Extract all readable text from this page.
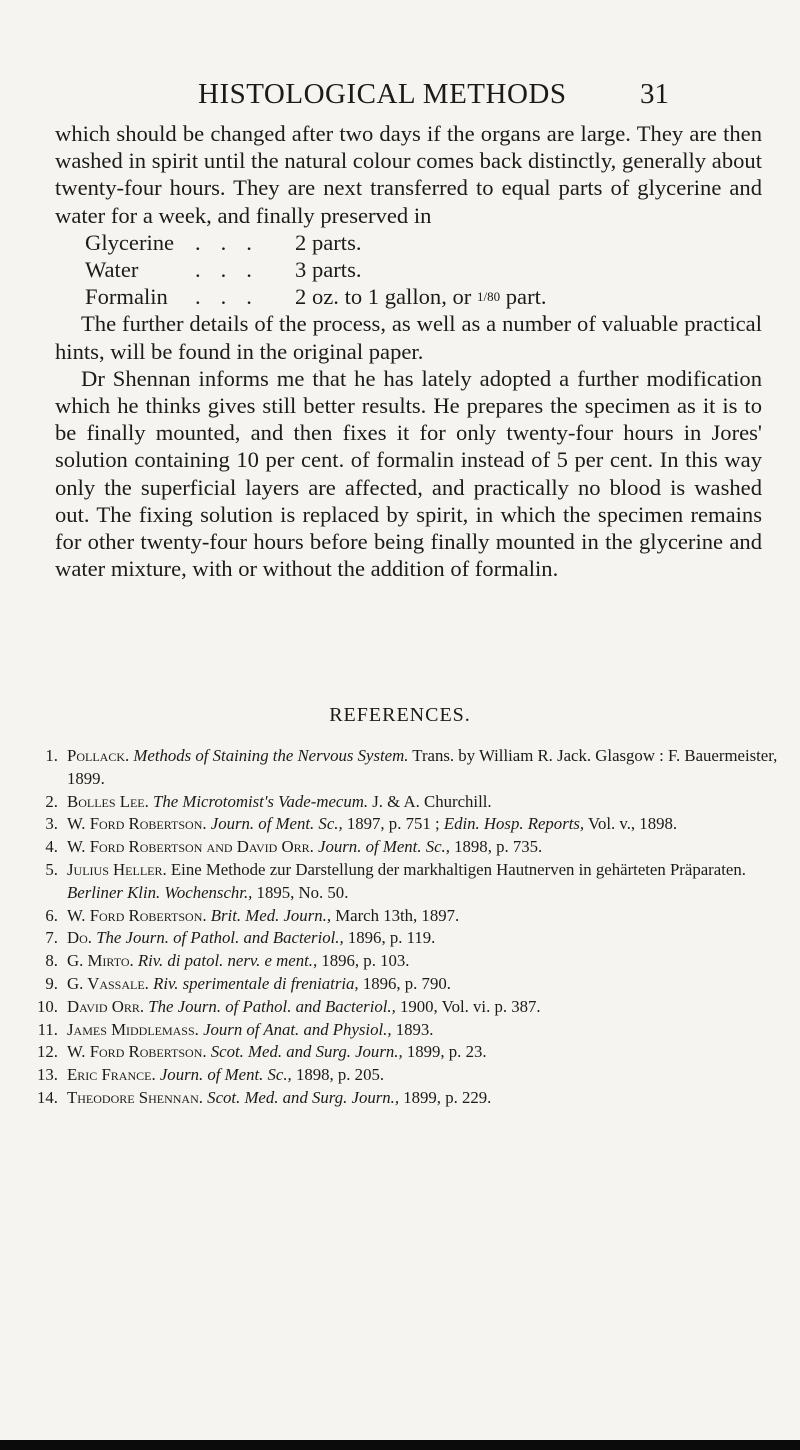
HISTOLOGICAL METHODS	31

which should be changed after two days if the organs are large. They are then washed in spirit until the natural colour comes back distinctly, generally about twenty-four hours. They are next transferred to equal parts of glycerine and water for a week, and finally preserved in

Glycerine ...	2 parts.
Water	...	3 parts.
Formalin	...	2 oz. to 1 gallon, or 1/80 part.

The further details of the process, as well as a number of valuable practical hints, will be found in the original paper.

Dr Shennan informs me that he has lately adopted a further modification which he thinks gives still better results. He prepares the specimen as it is to be finally mounted, and then fixes it for only twenty-four hours in Jores' solution containing 10 per cent. of formalin instead of 5 per cent. In this way only the superficial layers are affected, and practically no blood is washed out. The fixing solution is replaced by spirit, in which the specimen remains for other twenty-four hours before being finally mounted in the glycerine and water mixture, with or without the addition of formalin.

REFERENCES.
1. Pollack. Methods of Staining the Nervous System. Trans. by William R. Jack. Glasgow : F. Bauermeister, 1899.
2. Bolles Lee. The Microtomist's Vade-mecum. J. & A. Churchill.
3. W. Ford Robertson. Journ. of Ment. Sc., 1897, p. 751 ; Edin. Hosp. Reports, Vol. v., 1898.
4. W. Ford Robertson and David Orr. Journ. of Ment. Sc., 1898, p. 735.
5. Julius Heller. Eine Methode zur Darstellung der markhaltigen Hautnerven in gehärteten Präparaten. Berliner Klin. Wochenschr., 1895, No. 50.
6. W. Ford Robertson. Brit. Med. Journ., March 13th, 1897.
7. Do. The Journ. of Pathol. and Bacteriol., 1896, p. 119.
8. G. Mirto. Riv. di patol. nerv. e ment., 1896, p. 103.
9. G. Vassale. Riv. sperimentale di freniatria, 1896, p. 790.
10. David Orr. The Journ. of Pathol. and Bacteriol., 1900, Vol. vi. p. 387.
11. James Middlemass. Journ of Anat. and Physiol., 1893.
12. W. Ford Robertson. Scot. Med. and Surg. Journ., 1899, p. 23.
13. Eric France. Journ. of Ment. Sc., 1898, p. 205.
14. Theodore Shennan. Scot. Med. and Surg. Journ., 1899, p. 229.
